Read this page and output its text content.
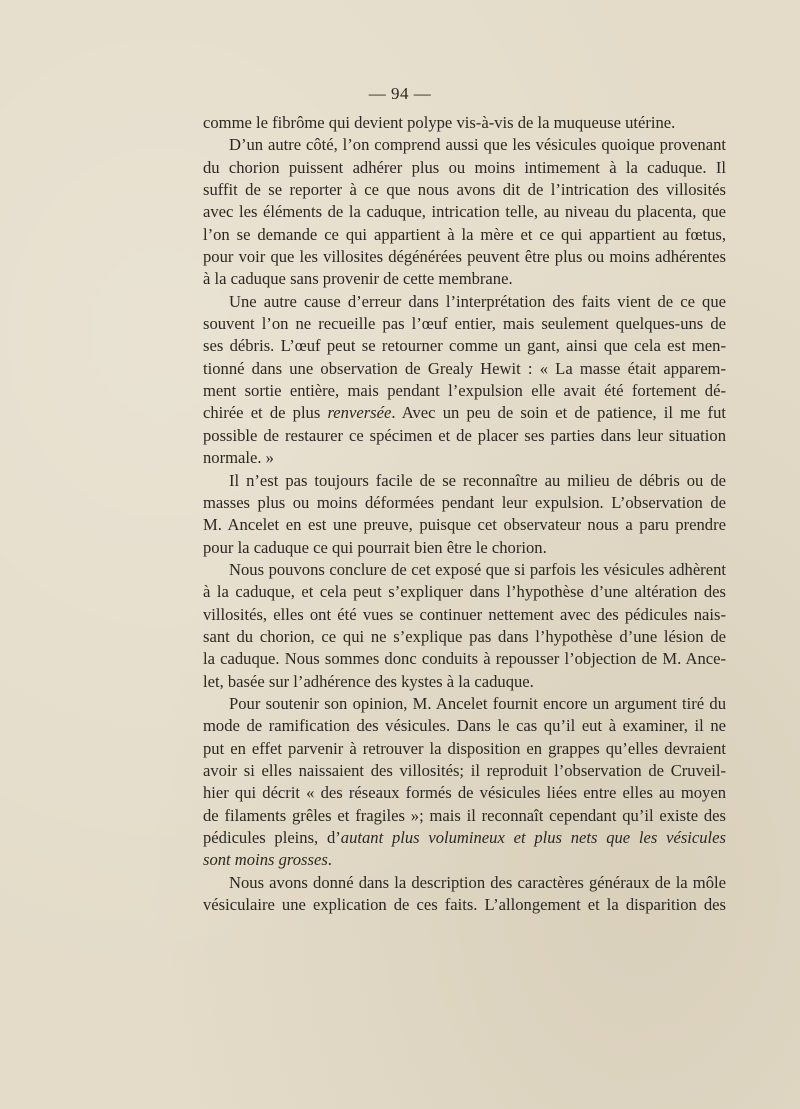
— 94 —
comme le fibrôme qui devient polype vis-à-vis de la muqueuse utérine.
D’un autre côté, l’on comprend aussi que les vésicules quoique provenant
du chorion puissent adhérer plus ou moins intimement à la caduque. Il
suffit de se reporter à ce que nous avons dit de l’intrication des villosités
avec les éléments de la caduque, intrication telle, au niveau du placenta, que
l’on se demande ce qui appartient à la mère et ce qui appartient au fœtus,
pour voir que les villosites dégénérées peuvent être plus ou moins adhérentes
à la caduque sans provenir de cette membrane.
Une autre cause d’erreur dans l’interprétation des faits vient de ce que
souvent l’on ne recueille pas l’œuf entier, mais seulement quelques-uns de
ses débris. L’œuf peut se retourner comme un gant, ainsi que cela est men-
tionné dans une observation de Grealy Hewit : « La masse était apparem-
ment sortie entière, mais pendant l’expulsion elle avait été fortement dé-
chirée et de plus renversée. Avec un peu de soin et de patience, il me fut
possible de restaurer ce spécimen et de placer ses parties dans leur situation
normale. »
Il n’est pas toujours facile de se reconnaître au milieu de débris ou de
masses plus ou moins déformées pendant leur expulsion. L’observation de
M. Ancelet en est une preuve, puisque cet observateur nous a paru prendre
pour la caduque ce qui pourrait bien être le chorion.
Nous pouvons conclure de cet exposé que si parfois les vésicules adhèrent
à la caduque, et cela peut s’expliquer dans l’hypothèse d’une altération des
villosités, elles ont été vues se continuer nettement avec des pédicules nais-
sant du chorion, ce qui ne s’explique pas dans l’hypothèse d’une lésion de
la caduque. Nous sommes donc conduits à repousser l’objection de M. Ance-
let, basée sur l’adhérence des kystes à la caduque.
Pour soutenir son opinion, M. Ancelet fournit encore un argument tiré du
mode de ramification des vésicules. Dans le cas qu’il eut à examiner, il ne
put en effet parvenir à retrouver la disposition en grappes qu’elles devraient
avoir si elles naissaient des villosités; il reproduit l’observation de Cruveil-
hier qui décrit « des réseaux formés de vésicules liées entre elles au moyen
de filaments grêles et fragiles »; mais il reconnaît cependant qu’il existe des
pédicules pleins, d’autant plus volumineux et plus nets que les vésicules
sont moins grosses.
Nous avons donné dans la description des caractères généraux de la môle
vésiculaire une explication de ces faits. L’allongement et la disparition des
